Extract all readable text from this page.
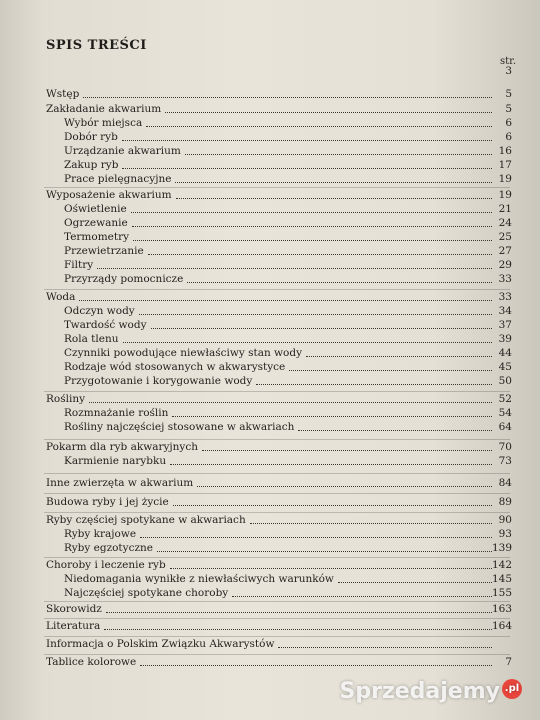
SPIS TREŚCI
str.
3
Wstęp	5
Zakładanie akwarium	5
Wybór miejsca	6
Dobór ryb	6
Urządzanie akwarium	16
Zakup ryb	17
Prace pielęgnacyjne	19
Wyposażenie akwarium	19
Oświetlenie	21
Ogrzewanie	24
Termometry	25
Przewietrzanie	27
Filtry	29
Przyrządy pomocnicze	33
Woda	33
Odczyn wody	34
Twardość wody	37
Rola tlenu	39
Czynniki powodujące niewłaściwy stan wody	44
Rodzaje wód stosowanych w akwarystyce	45
Przygotowanie i korygowanie wody	50
Rośliny	52
Rozmnażanie roślin	54
Rośliny najczęściej stosowane w akwariach	64
Pokarm dla ryb akwaryjnych	70
Karmienie narybku	73
Inne zwierzęta w akwarium	84
Budowa ryby i jej życie	89
Ryby częściej spotykane w akwariach	90
Ryby krajowe	93
Ryby egzotyczne	139
Choroby i leczenie ryb	142
Niedomagania wynikłe z niewłaściwych warunków	145
Najczęściej spotykane choroby	155
Skorowidz	163
Literatura	164
Informacja o Polskim Związku Akwarystów
Tablice kolorowe	7
Sprzedajemy .pl
